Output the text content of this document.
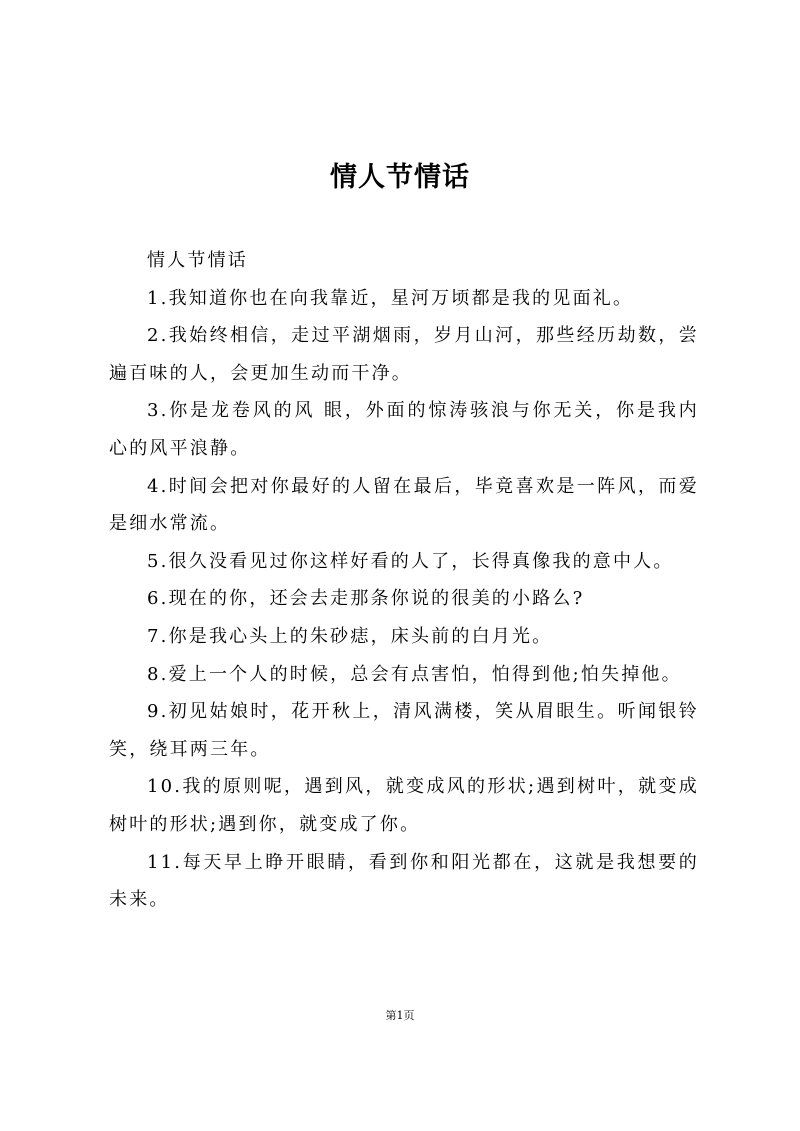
情人节情话

情人节情话

1.我知道你也在向我靠近，星河万顷都是我的见面礼。

2.我始终相信，走过平湖烟雨，岁月山河，那些经历劫数，尝遍百味的人，会更加生动而干净。

3.你是龙卷风的风 眼，外面的惊涛骇浪与你无关，你是我内心的风平浪静。

4.时间会把对你最好的人留在最后，毕竟喜欢是一阵风，而爱是细水常流。

5.很久没看见过你这样好看的人了，长得真像我的意中人。

6.现在的你，还会去走那条你说的很美的小路么?

7.你是我心头上的朱砂痣，床头前的白月光。

8.爱上一个人的时候，总会有点害怕，怕得到他;怕失掉他。

9.初见姑娘时，花开秋上，清风满楼，笑从眉眼生。听闻银铃笑，绕耳两三年。

10.我的原则呢，遇到风，就变成风的形状;遇到树叶，就变成树叶的形状;遇到你，就变成了你。

11.每天早上睁开眼睛，看到你和阳光都在，这就是我想要的未来。

第1页
